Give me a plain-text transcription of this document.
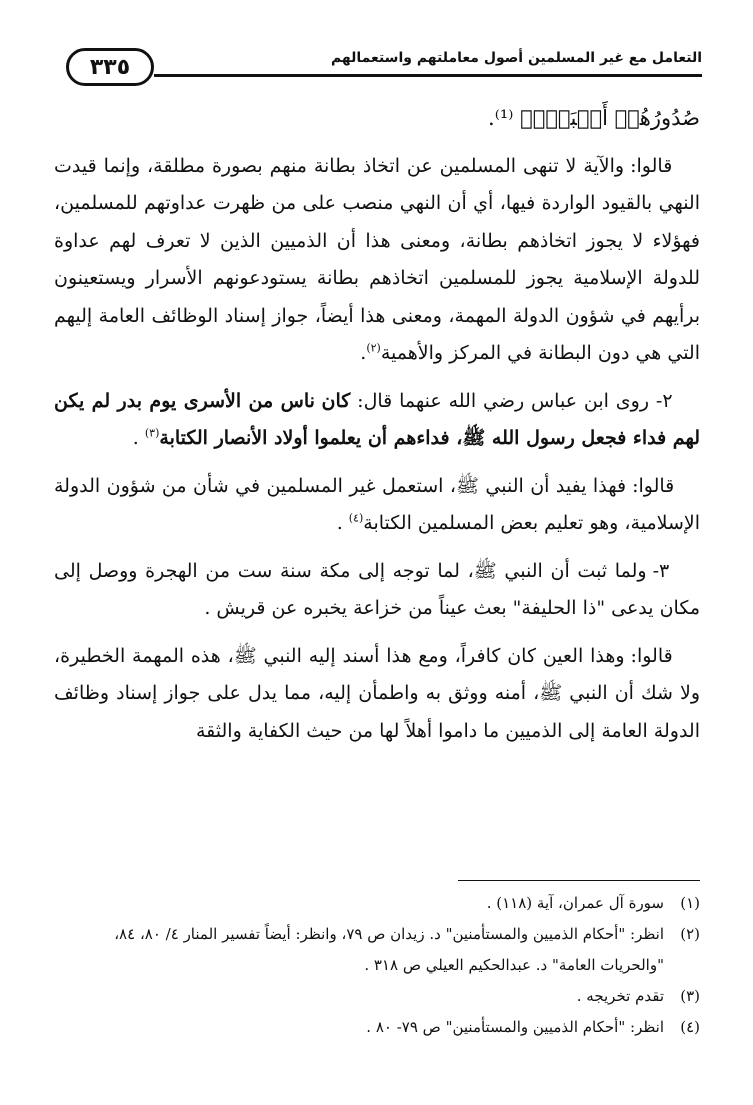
٣٣٥	التعامل مع غير المسلمين أصول معاملتهم واستعمالهم

صُدُورُهُمۡ أَكۡبَرُۚ﴾ ⁽¹⁾.

قالوا: والآية لا تنهى المسلمين عن اتخاذ بطانة منهم بصورة مطلقة، وإنما قيدت النهي بالقيود الواردة فيها، أي أن النهي منصب على من ظهرت عداوتهم للمسلمين، فهؤلاء لا يجوز اتخاذهم بطانة، ومعنى هذا أن الذميين الذين لا تعرف لهم عداوة للدولة الإسلامية يجوز للمسلمين اتخاذهم بطانة يستودعونهم الأسرار ويستعينون برأيهم في شؤون الدولة المهمة، ومعنى هذا أيضاً، جواز إسناد الوظائف العامة إليهم التي هي دون البطانة في المركز والأهمية$^{(٢)}$.

٢- روى ابن عباس رضي الله عنهما قال: كان ناس من الأسرى يوم بدر لم يكن لهم فداء فجعل رسول الله ﷺ، فداءهم أن يعلموا أولاد الأنصار الكتابة$^{(٣)}$ .

قالوا: فهذا يفيد أن النبي ﷺ، استعمل غير المسلمين في شأن من شؤون الدولة الإسلامية، وهو تعليم بعض المسلمين الكتابة$^{(٤)}$ .

٣- ولما ثبت أن النبي ﷺ، لما توجه إلى مكة سنة ست من الهجرة ووصل إلى مكان يدعى "ذا الحليفة" بعث عيناً من خزاعة يخبره عن قريش .

قالوا: وهذا العين كان كافراً، ومع هذا أسند إليه النبي ﷺ، هذه المهمة الخطيرة، ولا شك أن النبي ﷺ، أمنه ووثق به واطمأن إليه، مما يدل على جواز إسناد وظائف الدولة العامة إلى الذميين ما داموا أهلاً لها من حيث الكفاية والثقة

(١)سورة آل عمران، آية (١١٨) .

(٢)انظر: "أحكام الذميين والمستأمنين" د. زيدان ص ٧٩، وانظر: أيضاً تفسير المنار ٤/ ٨٠، ٨٤،

"والحريات العامة" د. عبدالحكيم العيلي ص ٣١٨ .

(٣)تقدم تخريجه .

(٤)انظر: "أحكام الذميين والمستأمنين" ص ٧٩- ٨٠ .
